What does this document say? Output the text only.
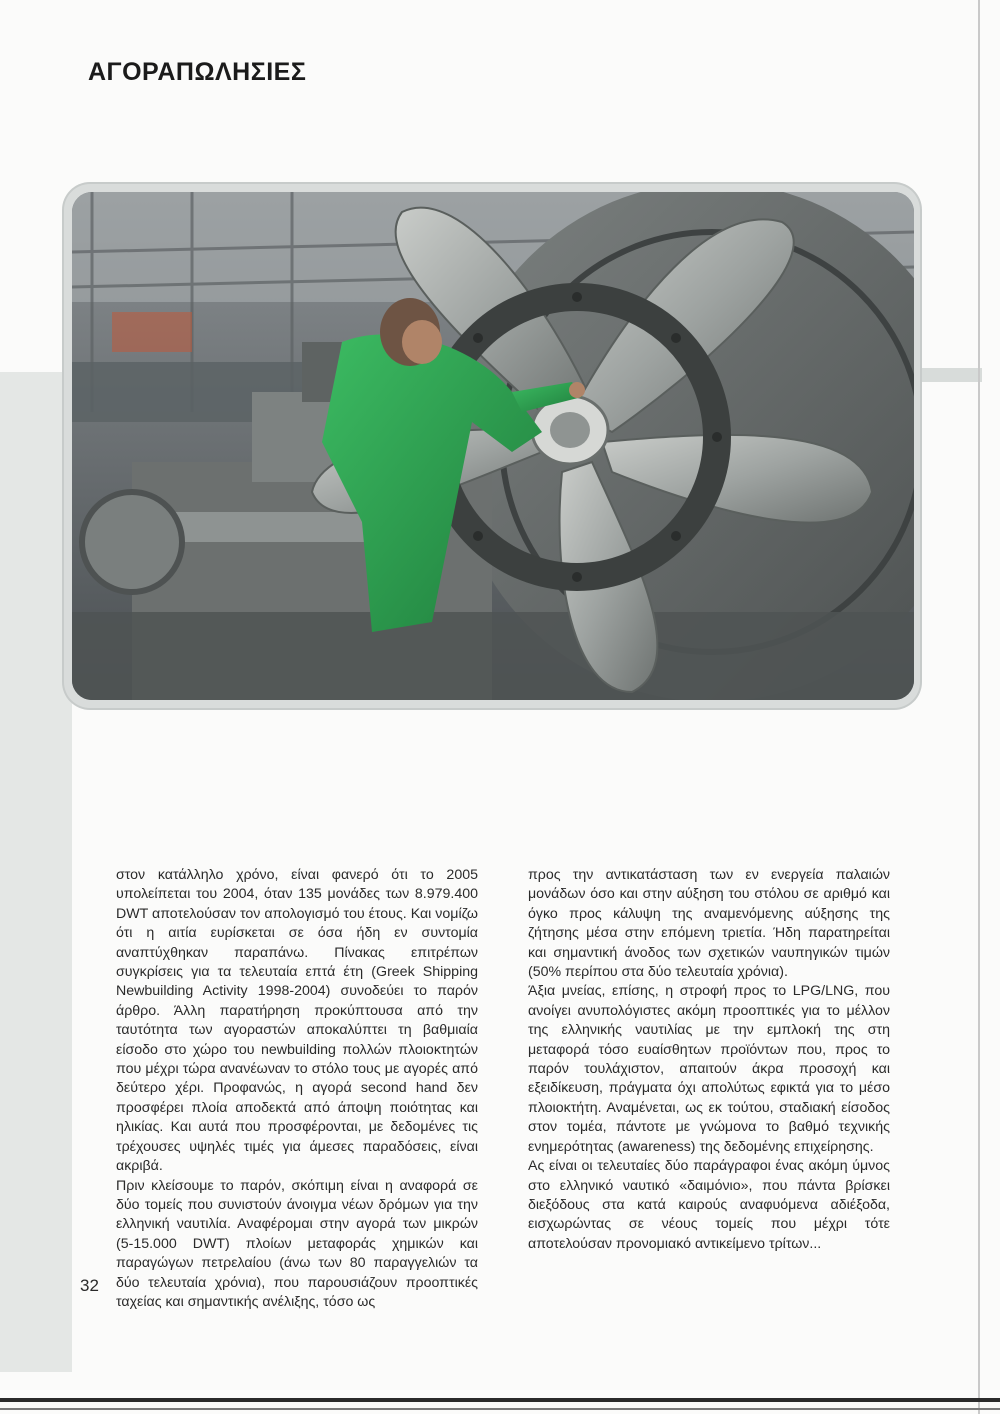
ΑΓΟΡΑΠΩΛΗΣΙΕΣ

στον κατάλληλο χρόνο, είναι φανερό ότι το 2005 υπολείπεται του 2004, όταν 135 μονάδες των 8.979.400 DWT αποτελούσαν τον απολογισμό του έτους. Και νομίζω ότι η αιτία ευρίσκεται σε όσα ήδη εν συντομία αναπτύχθηκαν παραπάνω. Πίνακας επιτρέπων συγκρίσεις για τα τελευταία επτά έτη (Greek Shipping Newbuilding Activity 1998-2004) συνοδεύει το παρόν άρθρο. Άλλη παρατήρηση προκύπτουσα από την ταυτότητα των αγοραστών αποκαλύπτει τη βαθμιαία είσοδο στο χώρο του newbuilding πολλών πλοιοκτητών που μέχρι τώρα ανανέωναν το στόλο τους με αγορές από δεύτερο χέρι. Προφανώς, η αγορά second hand δεν προσφέρει πλοία αποδεκτά από άποψη ποιότητας και ηλικίας. Και αυτά που προσφέρονται, με δεδομένες τις τρέχουσες υψηλές τιμές για άμεσες παραδόσεις, είναι ακριβά.

Πριν κλείσουμε το παρόν, σκόπιμη είναι η αναφορά σε δύο τομείς που συνιστούν άνοιγμα νέων δρόμων για την ελληνική ναυτιλία. Αναφέρομαι στην αγορά των μικρών (5-15.000 DWT) πλοίων μεταφοράς χημικών και παραγώγων πετρελαίου (άνω των 80 παραγγελιών τα δύο τελευταία χρόνια), που παρουσιάζουν προοπτικές ταχείας και σημαντικής ανέλιξης, τόσο ως

προς την αντικατάσταση των εν ενεργεία παλαιών μονάδων όσο και στην αύξηση του στόλου σε αριθμό και όγκο προς κάλυψη της αναμενόμενης αύξησης της ζήτησης μέσα στην επόμενη τριετία. Ήδη παρατηρείται και σημαντική άνοδος των σχετικών ναυπηγικών τιμών (50% περίπου στα δύο τελευταία χρόνια).

Άξια μνείας, επίσης, η στροφή προς το LPG/LNG, που ανοίγει ανυπολόγιστες ακόμη προοπτικές για το μέλλον της ελληνικής ναυτιλίας με την εμπλοκή της στη μεταφορά τόσο ευαίσθητων προϊόντων που, προς το παρόν τουλάχιστον, απαιτούν άκρα προσοχή και εξειδίκευση, πράγματα όχι απολύτως εφικτά για το μέσο πλοιοκτήτη. Αναμένεται, ως εκ τούτου, σταδιακή είσοδος στον τομέα, πάντοτε με γνώμονα το βαθμό τεχνικής ενημερότητας (awareness) της δεδομένης επιχείρησης.

Ας είναι οι τελευταίες δύο παράγραφοι ένας ακόμη ύμνος στο ελληνικό ναυτικό «δαιμόνιο», που πάντα βρίσκει διεξόδους στα κατά καιρούς αναφυόμενα αδιέξοδα, εισχωρώντας σε νέους τομείς που μέχρι τότε αποτελούσαν προνομιακό αντικείμενο τρίτων...

32
